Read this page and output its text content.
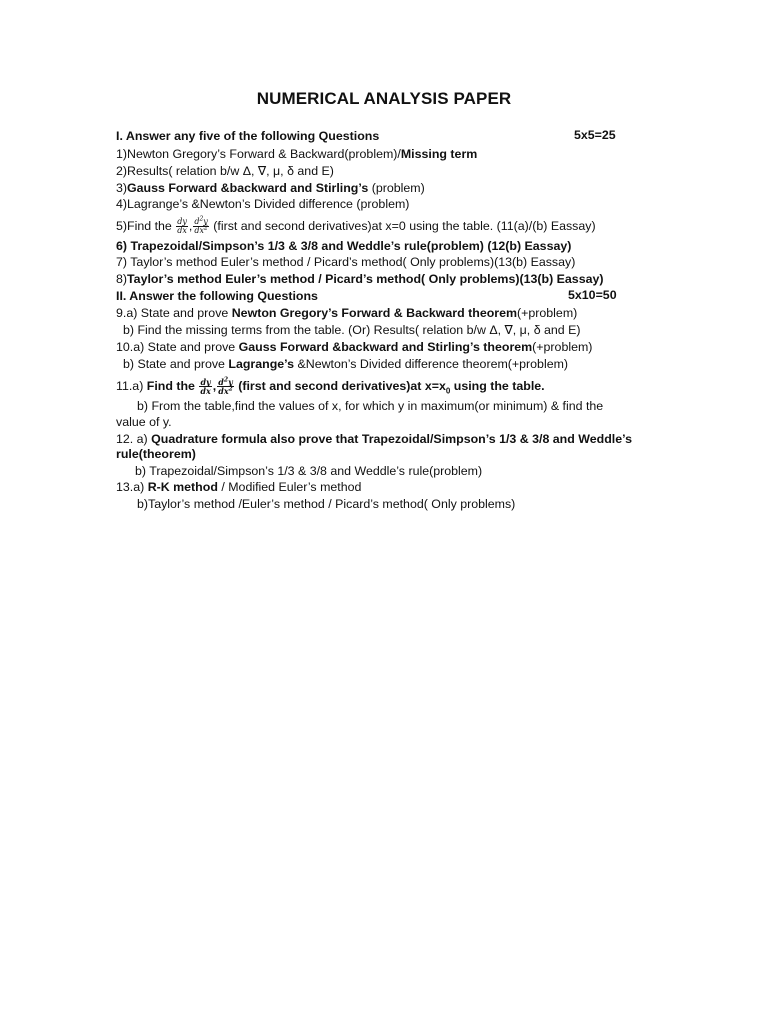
NUMERICAL ANALYSIS PAPER
I. Answer any five of the following Questions	5x5=25
1)Newton Gregory’s Forward & Backward(problem)/Missing term
2)Results( relation b/w Δ, ∇, μ, δ and E)
3)Gauss Forward &backward and Stirling’s (problem)
4)Lagrange’s &Newton’s Divided difference (problem)
5)Find the $\frac{dy}{dx}$ , $\frac{d^2y}{dx^2}$ (first and second derivatives)at x=0 using the table. (11(a)/(b) Eassay)
6) Trapezoidal/Simpson’s 1/3 & 3/8 and Weddle’s rule(problem) (12(b) Eassay)
7) Taylor’s method Euler’s method / Picard’s method( Only problems)(13(b) Eassay)
8)Taylor’s method Euler’s method / Picard’s method( Only problems)(13(b) Eassay)
II. Answer the following Questions	5x10=50
9.a) State and prove Newton Gregory’s Forward & Backward theorem(+problem)
b) Find the missing terms from the table. (Or) Results( relation b/w Δ, ∇, μ, δ and E)
10.a) State and prove Gauss Forward &backward and Stirling’s theorem(+problem)
b) State and prove Lagrange’s &Newton’s Divided difference theorem(+problem)
11.a) Find the $\frac{dy}{dx}$ , $\frac{d^2y}{dx^2}$ (first and second derivatives)at $x=x_0$ using the table.
b) From the table,find the values of x, for which y in maximum(or minimum) & find the
value of y.
12. a) Quadrature formula also prove that Trapezoidal/Simpson’s 1/3 & 3/8 and Weddle’s
rule(theorem)
b) Trapezoidal/Simpson’s 1/3 & 3/8 and Weddle’s rule(problem)
13.a) R-K method / Modified Euler’s method
b)Taylor’s method /Euler’s method / Picard’s method( Only problems)
